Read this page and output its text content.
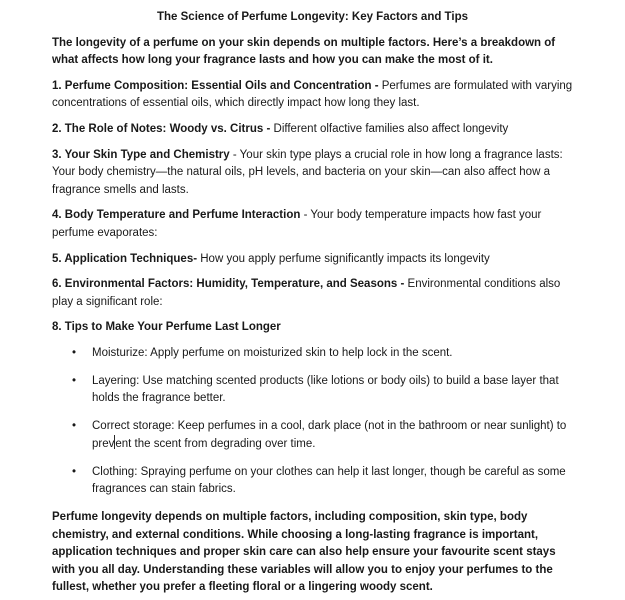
The Science of Perfume Longevity: Key Factors and Tips

The longevity of a perfume on your skin depends on multiple factors. Here’s a breakdown of what affects how long your fragrance lasts and how you can make the most of it.

1. Perfume Composition: Essential Oils and Concentration - Perfumes are formulated with varying concentrations of essential oils, which directly impact how long they last.

2. The Role of Notes: Woody vs. Citrus - Different olfactive families also affect longevity

3. Your Skin Type and Chemistry - Your skin type plays a crucial role in how long a fragrance lasts: Your body chemistry—the natural oils, pH levels, and bacteria on your skin—can also affect how a fragrance smells and lasts.

4. Body Temperature and Perfume Interaction - Your body temperature impacts how fast your perfume evaporates:

5. Application Techniques- How you apply perfume significantly impacts its longevity

6. Environmental Factors: Humidity, Temperature, and Seasons - Environmental conditions also play a significant role:

8. Tips to Make Your Perfume Last Longer

•	Moisturize: Apply perfume on moisturized skin to help lock in the scent.
•	Layering: Use matching scented products (like lotions or body oils) to build a base layer that holds the fragrance better.
•	Correct storage: Keep perfumes in a cool, dark place (not in the bathroom or near sunlight) to prevent the scent from degrading over time.
•	Clothing: Spraying perfume on your clothes can help it last longer, though be careful as some fragrances can stain fabrics.

Perfume longevity depends on multiple factors, including composition, skin type, body chemistry, and external conditions. While choosing a long-lasting fragrance is important, application techniques and proper skin care can also help ensure your favourite scent stays with you all day. Understanding these variables will allow you to enjoy your perfumes to the fullest, whether you prefer a fleeting floral or a lingering woody scent.
